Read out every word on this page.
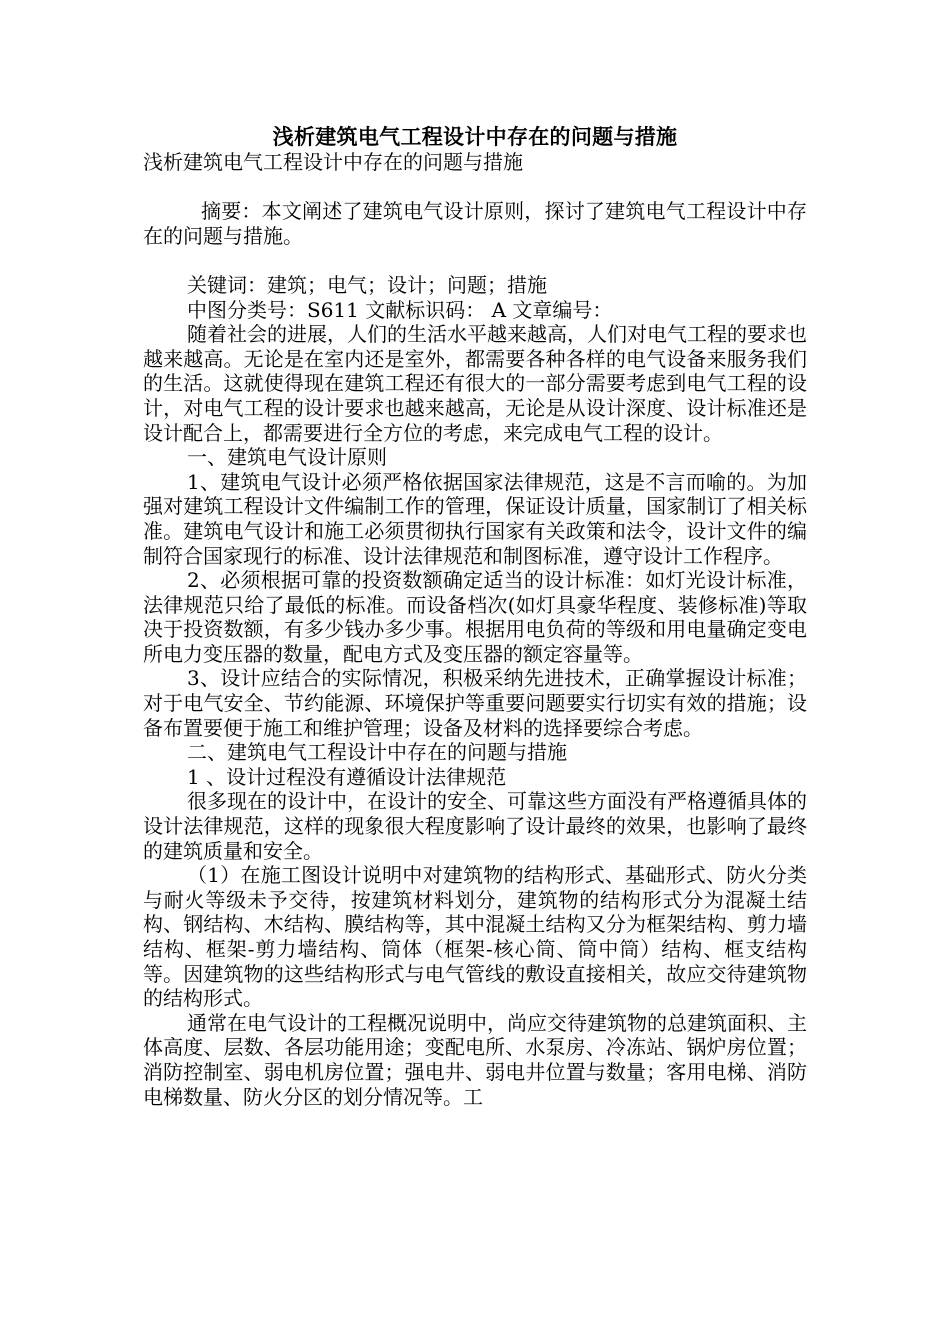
浅析建筑电气工程设计中存在的问题与措施

浅析建筑电气工程设计中存在的问题与措施

摘要：本文阐述了建筑电气设计原则，探讨了建筑电气工程设计中存在的问题与措施。

关键词：建筑；电气；设计；问题；措施

中图分类号：S611 文献标识码： A 文章编号：

随着社会的进展，人们的生活水平越来越高，人们对电气工程的要求也越来越高。无论是在室内还是室外，都需要各种各样的电气设备来服务我们的生活。这就使得现在建筑工程还有很大的一部分需要考虑到电气工程的设计，对电气工程的设计要求也越来越高，无论是从设计深度、设计标准还是设计配合上，都需要进行全方位的考虑，来完成电气工程的设计。

一、建筑电气设计原则

1、建筑电气设计必须严格依据国家法律规范，这是不言而喻的。为加强对建筑工程设计文件编制工作的管理，保证设计质量，国家制订了相关标准。建筑电气设计和施工必须贯彻执行国家有关政策和法令，设计文件的编制符合国家现行的标准、设计法律规范和制图标准，遵守设计工作程序。

2、必须根据可靠的投资数额确定适当的设计标准：如灯光设计标准，法律规范只给了最低的标准。而设备档次(如灯具豪华程度、装修标准)等取决于投资数额，有多少钱办多少事。根据用电负荷的等级和用电量确定变电所电力变压器的数量，配电方式及变压器的额定容量等。

3、设计应结合的实际情况，积极采纳先进技术，正确掌握设计标准；对于电气安全、节约能源、环境保护等重要问题要实行切实有效的措施；设备布置要便于施工和维护管理；设备及材料的选择要综合考虑。

二、建筑电气工程设计中存在的问题与措施

1 、设计过程没有遵循设计法律规范

很多现在的设计中，在设计的安全、可靠这些方面没有严格遵循具体的设计法律规范，这样的现象很大程度影响了设计最终的效果，也影响了最终的建筑质量和安全。

（1）在施工图设计说明中对建筑物的结构形式、基础形式、防火分类与耐火等级未予交待，按建筑材料划分，建筑物的结构形式分为混凝土结构、钢结构、木结构、膜结构等，其中混凝土结构又分为框架结构、剪力墙结构、框架-剪力墙结构、筒体（框架-核心筒、筒中筒）结构、框支结构等。因建筑物的这些结构形式与电气管线的敷设直接相关，故应交待建筑物的结构形式。

通常在电气设计的工程概况说明中，尚应交待建筑物的总建筑面积、主体高度、层数、各层功能用途；变配电所、水泵房、冷冻站、锅炉房位置；消防控制室、弱电机房位置；强电井、弱电井位置与数量；客用电梯、消防电梯数量、防火分区的划分情况等。工
